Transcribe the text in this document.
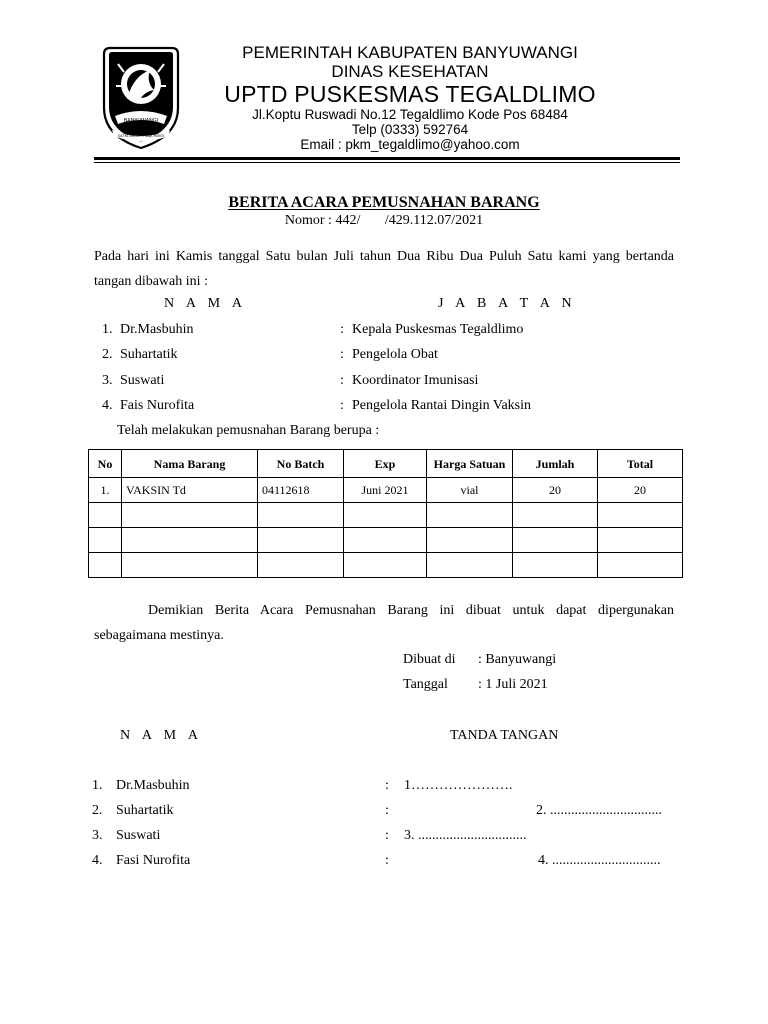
BANYUWANGI
SATYA BHAKTI PRAJA MUKTI
PEMERINTAH KABUPATEN BANYUWANGI
DINAS KESEHATAN
UPTD PUSKESMAS TEGALDLIMO
Jl.Koptu Ruswadi No.12 Tegaldlimo Kode Pos 68484
Telp (0333) 592764
Email : pkm_tegaldlimo@yahoo.com
BERITA ACARA PEMUSNAHAN BARANG
Nomor : 442/       /429.112.07/2021
Pada hari ini Kamis tanggal Satu bulan Juli tahun Dua Ribu Dua Puluh Satu kami yang bertanda tangan dibawah ini :
N A M A	J A B A T A N
1. Dr.Masbuhin	: Kepala Puskesmas Tegaldlimo
2. Suhartatik	: Pengelola Obat
3. Suswati	: Koordinator Imunisasi
4. Fais Nurofita	: Pengelola Rantai Dingin Vaksin
Telah melakukan pemusnahan Barang berupa :
No	Nama Barang	No Batch	Exp	Harga Satuan	Jumlah	Total
1.	VAKSIN Td	04112618	Juni 2021	vial	20	20

Demikian Berita Acara Pemusnahan Barang ini dibuat untuk dapat dipergunakan sebagaimana mestinya.
Dibuat di : Banyuwangi
Tanggal : 1 Juli 2021
N A M A	TANDA TANGAN
1. Dr.Masbuhin	: 1………………….
2. Suhartatik	:	2. ................................
3. Suswati	: 3. ...............................
4. Fasi Nurofita	:	4. ...............................
